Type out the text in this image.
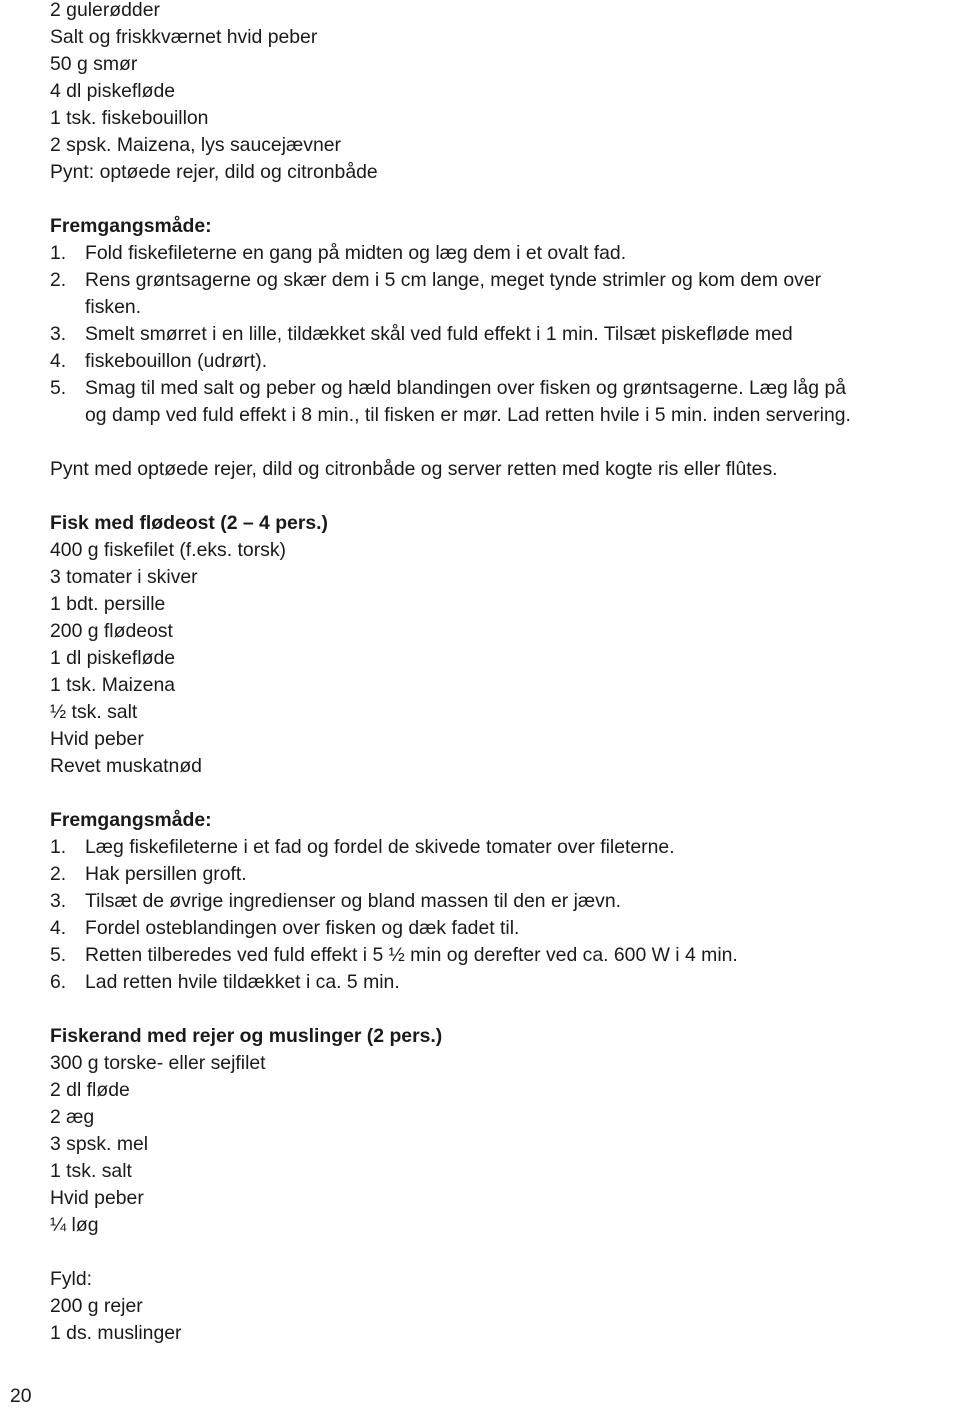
2 gulerødder

Salt og friskkværnet hvid peber

50 g smør

4 dl piskefløde

1 tsk. fiskebouillon

2 spsk. Maizena, lys saucejævner

Pynt: optøede rejer, dild og citronbåde

Fremgangsmåde:

1. Fold fiskefileterne en gang på midten og læg dem i et ovalt fad.
2. Rens grøntsagerne og skær dem i 5 cm lange, meget tynde strimler og kom dem over
fisken.
3. Smelt smørret i en lille, tildækket skål ved fuld effekt i 1 min. Tilsæt piskefløde med
4. fiskebouillon (udrørt).
5. Smag til med salt og peber og hæld blandingen over fisken og grøntsagerne. Læg låg på
og damp ved fuld effekt i 8 min., til fisken er mør. Lad retten hvile i 5 min. inden servering.

Pynt med optøede rejer, dild og citronbåde og server retten med kogte ris eller flûtes.

Fisk med flødeost (2 – 4 pers.)

400 g fiskefilet (f.eks. torsk)

3 tomater i skiver

1 bdt. persille

200 g flødeost

1 dl piskefløde

1 tsk. Maizena

½ tsk. salt

Hvid peber

Revet muskatnød

Fremgangsmåde:

1. Læg fiskefileterne i et fad og fordel de skivede tomater over fileterne.
2. Hak persillen groft.
3. Tilsæt de øvrige ingredienser og bland massen til den er jævn.
4. Fordel osteblandingen over fisken og dæk fadet til.
5. Retten tilberedes ved fuld effekt i 5 ½ min og derefter ved ca. 600 W i 4 min.
6. Lad retten hvile tildækket i ca. 5 min.

Fiskerand med rejer og muslinger (2 pers.)

300 g torske- eller sejfilet

2 dl fløde

2 æg

3 spsk. mel

1 tsk. salt

Hvid peber

¼ løg

Fyld:

200 g rejer

1 ds. muslinger

20
